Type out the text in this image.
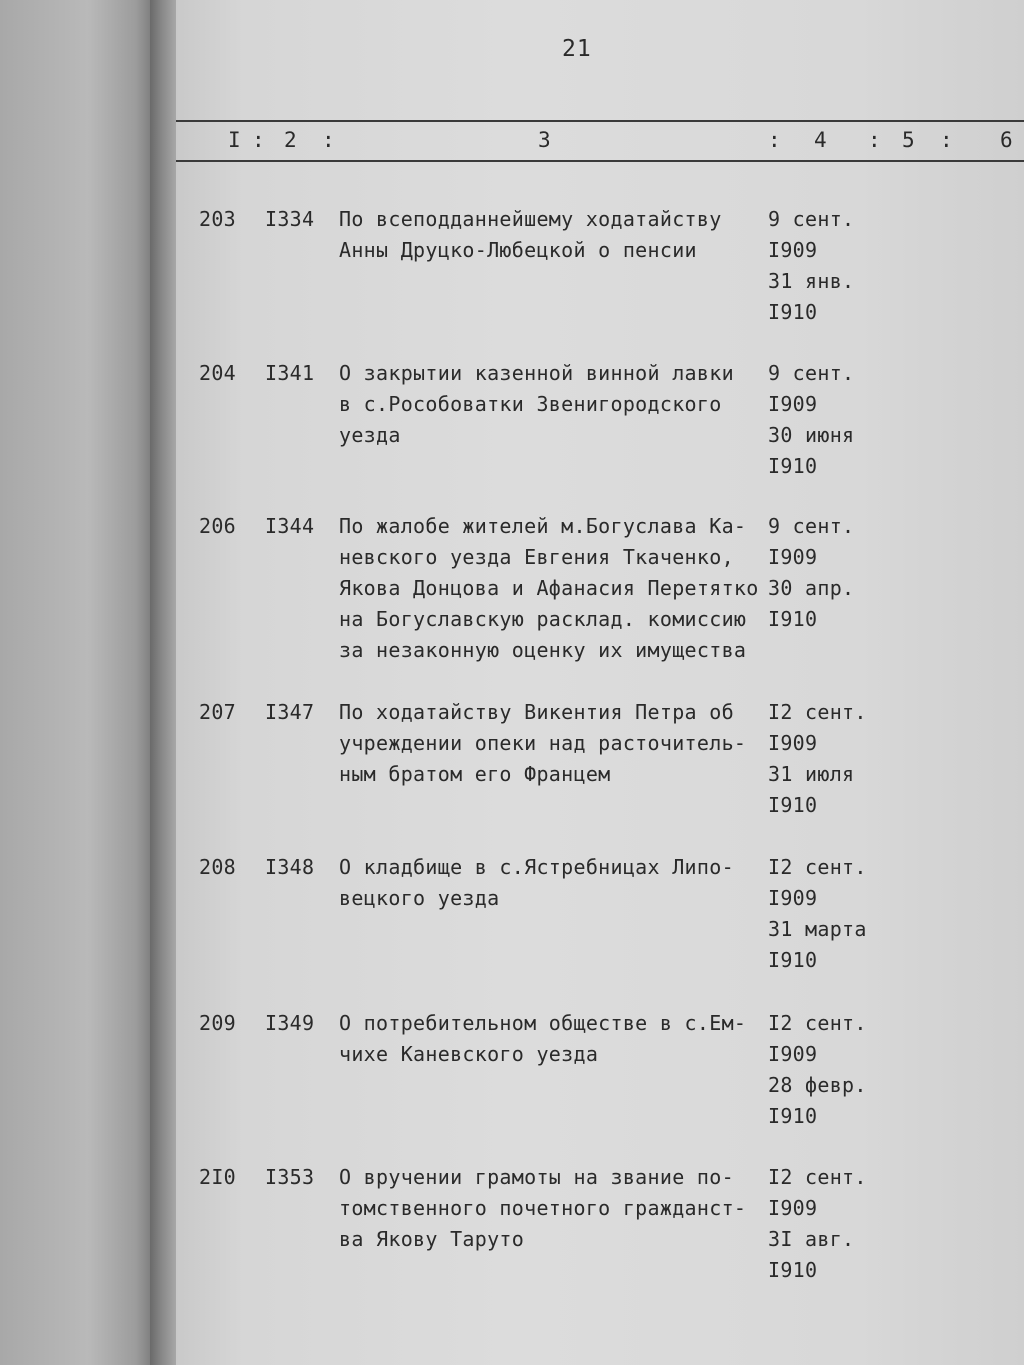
21
I : 2 :	3	: 4 : 5 : 6
203 I334 По всеподданнейшему ходатайству
Анны Друцко-Любецкой о пенсии
9 сент.
I909
31 янв.
I910
204 I341 О закрытии казенной винной лавки
в с.Рособоватки Звенигородского
уезда
9 сент.
I909
30 июня
I910
206 I344 По жалобе жителей м.Богуслава Ка-
невского уезда Евгения Ткаченко,
Якова Донцова и Афанасия Перетятко
на Богуславскую расклад. комиссию
за незаконную оценку их имущества
9 сент.
I909
30 апр.
I910
207 I347 По ходатайству Викентия Петра об
учреждении опеки над расточитель-
ным братом его Францем
I2 сент.
I909
31 июля
I910
208 I348 О кладбище в с.Ястребницах Липо-
вецкого уезда
I2 сент.
I909
31 марта
I910
209 I349 О потребительном обществе в с.Ем-
чихе Каневского уезда
I2 сент.
I909
28 февр.
I910
2I0 I353 О вручении грамоты на звание по-
томственного почетного гражданст-
ва Якову Таруто
I2 сент.
I909
3I авг.
I910
